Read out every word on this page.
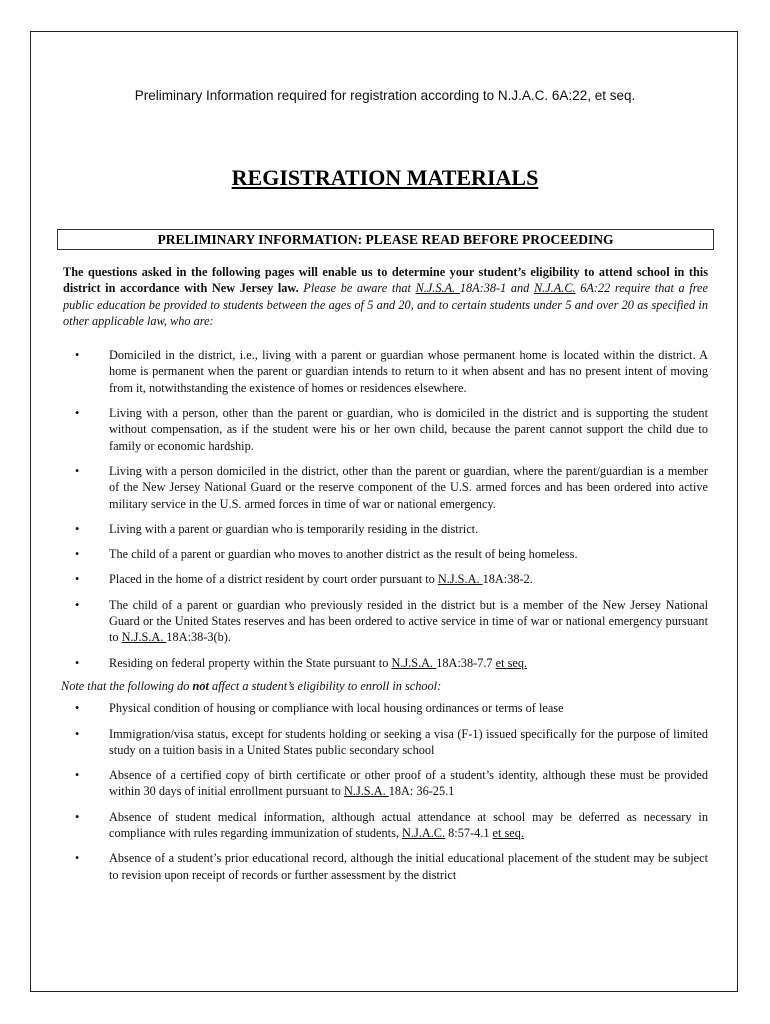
Preliminary Information required for registration according to N.J.A.C. 6A:22, et seq.
REGISTRATION MATERIALS
PRELIMINARY INFORMATION: PLEASE READ BEFORE PROCEEDING

The questions asked in the following pages will enable us to determine your student’s eligibility to attend school in this district in accordance with New Jersey law. Please be aware that N.J.S.A. 18A:38-1 and N.J.A.C. 6A:22 require that a free public education be provided to students between the ages of 5 and 20, and to certain students under 5 and over 20 as specified in other applicable law, who are:

• Domiciled in the district, i.e., living with a parent or guardian whose permanent home is located within the district. A home is permanent when the parent or guardian intends to return to it when absent and has no present intent of moving from it, notwithstanding the existence of homes or residences elsewhere.
• Living with a person, other than the parent or guardian, who is domiciled in the district and is supporting the student without compensation, as if the student were his or her own child, because the parent cannot support the child due to family or economic hardship.
• Living with a person domiciled in the district, other than the parent or guardian, where the parent/guardian is a member of the New Jersey National Guard or the reserve component of the U.S. armed forces and has been ordered into active military service in the U.S. armed forces in time of war or national emergency.
• Living with a parent or guardian who is temporarily residing in the district.
• The child of a parent or guardian who moves to another district as the result of being homeless.
• Placed in the home of a district resident by court order pursuant to N.J.S.A. 18A:38-2.
• The child of a parent or guardian who previously resided in the district but is a member of the New Jersey National Guard or the United States reserves and has been ordered to active service in time of war or national emergency pursuant to N.J.S.A. 18A:38-3(b).
• Residing on federal property within the State pursuant to N.J.S.A. 18A:38-7.7 et seq.

Note that the following do not affect a student’s eligibility to enroll in school:

• Physical condition of housing or compliance with local housing ordinances or terms of lease
• Immigration/visa status, except for students holding or seeking a visa (F-1) issued specifically for the purpose of limited study on a tuition basis in a United States public secondary school
• Absence of a certified copy of birth certificate or other proof of a student’s identity, although these must be provided within 30 days of initial enrollment pursuant to N.J.S.A. 18A: 36-25.1
• Absence of student medical information, although actual attendance at school may be deferred as necessary in compliance with rules regarding immunization of students, N.J.A.C. 8:57-4.1 et seq.
• Absence of a student’s prior educational record, although the initial educational placement of the student may be subject to revision upon receipt of records or further assessment by the district
